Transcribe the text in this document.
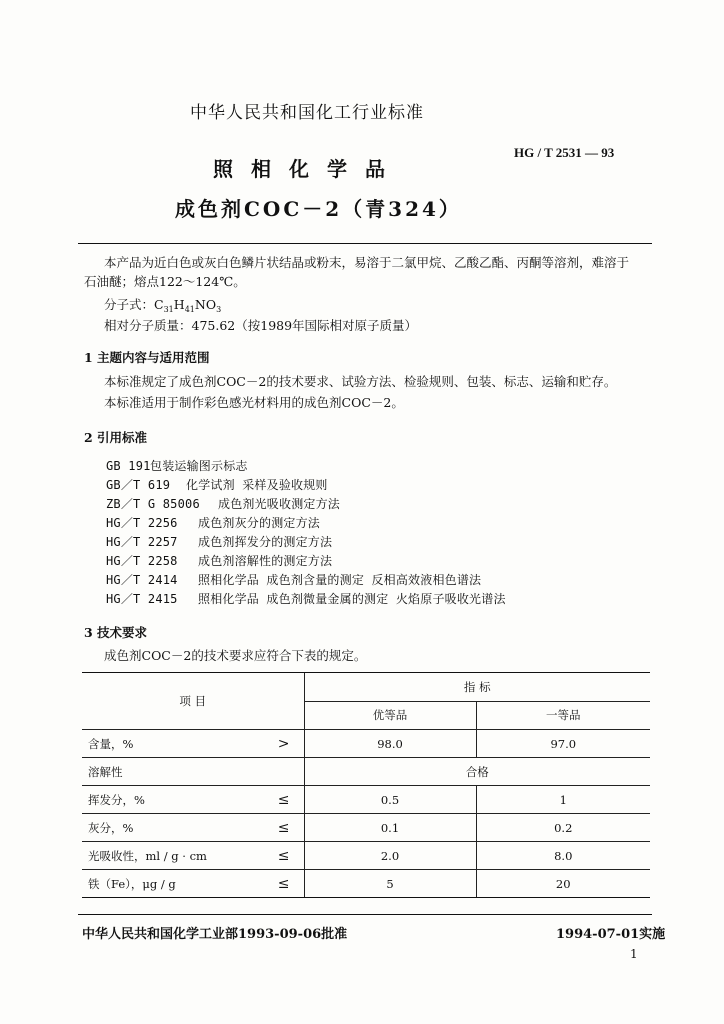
中华人民共和国化工行业标准
HG / T 2531 — 93
照相化学品
成色剂COC－2（青324）
本产品为近白色或灰白色鳞片状结晶或粉末，易溶于二氯甲烷、乙酸乙酯、丙酮等溶剂，难溶于
石油醚；熔点122～124℃。
分子式：$C_{31}H_{41}NO_3$
相对分子质量：475.62（按1989年国际相对原子质量）
1 主题内容与适用范围
本标准规定了成色剂COC－2的技术要求、试验方法、检验规则、包装、标志、运输和贮存。
本标准适用于制作彩色感光材料用的成色剂COC－2。
2 引用标准
GB 191包装运输图示标志
GB／T 619 化学试剂 采样及验收规则
ZB／T G 85006 成色剂光吸收测定方法
HG／T 2256 成色剂灰分的测定方法
HG／T 2257 成色剂挥发分的测定方法
HG／T 2258 成色剂溶解性的测定方法
HG／T 2414 照相化学品 成色剂含量的测定 反相高效液相色谱法
HG／T 2415 照相化学品 成色剂微量金属的测定 火焰原子吸收光谱法
3 技术要求
成色剂COC－2的技术要求应符合下表的规定。
项 目		指 标	
		优等品	一等品
含量，%	>	98.0	97.0
溶解性		合格	
挥发分，%	≤	0.5	1
灰分，%	≤	0.1	0.2
光吸收性，ml / g · cm	≤	2.0	8.0
铁（Fe），μg / g	≤	5	20
中华人民共和国化学工业部1993-09-06批准	1994-07-01实施
1
